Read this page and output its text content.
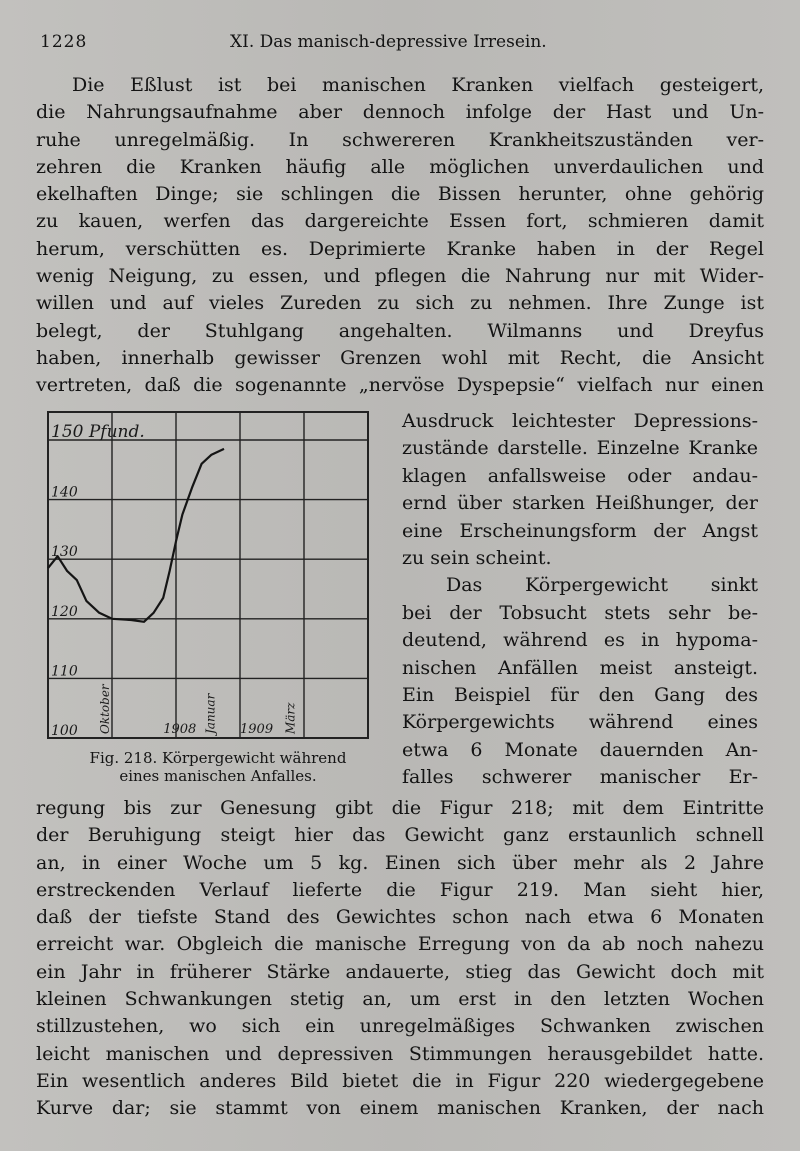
1228	XI. Das manisch-depressive Irresein.
Die Eßlust ist bei manischen Kranken vielfach gesteigert,
die Nahrungsaufnahme aber dennoch infolge der Hast und Un-
ruhe unregelmäßig. In schwereren Krankheitszuständen ver-
zehren die Kranken häufig alle möglichen unverdaulichen und
ekelhaften Dinge; sie schlingen die Bissen herunter, ohne gehörig
zu kauen, werfen das dargereichte Essen fort, schmieren damit
herum, verschütten es. Deprimierte Kranke haben in der Regel
wenig Neigung, zu essen, und pflegen die Nahrung nur mit Wider-
willen und auf vieles Zureden zu sich zu nehmen. Ihre Zunge ist
belegt, der Stuhlgang angehalten. Wilmanns und Dreyfus
haben, innerhalb gewisser Grenzen wohl mit Recht, die Ansicht
vertreten, daß die sogenannte „nervöse Dyspepsie“ vielfach nur einen
150 Pfund.
140
130
120
110
100 Oktober	Januar	März
1908	1909
Fig. 218. Körpergewicht während
eines manischen Anfalles.
Ausdruck leichtester Depressions-
zustände darstelle. Einzelne Kranke
klagen anfallsweise oder andau-
ernd über starken Heißhunger, der
eine Erscheinungsform der Angst
zu sein scheint.
Das Körpergewicht sinkt
bei der Tobsucht stets sehr be-
deutend, während es in hypoma-
nischen Anfällen meist ansteigt.
Ein Beispiel für den Gang des
Körpergewichts während eines
etwa 6 Monate dauernden An-
falles schwerer manischer Er-
regung bis zur Genesung gibt die Figur 218; mit dem Eintritte
der Beruhigung steigt hier das Gewicht ganz erstaunlich schnell
an, in einer Woche um 5 kg. Einen sich über mehr als 2 Jahre
erstreckenden Verlauf lieferte die Figur 219. Man sieht hier,
daß der tiefste Stand des Gewichtes schon nach etwa 6 Monaten
erreicht war. Obgleich die manische Erregung von da ab noch nahezu
ein Jahr in früherer Stärke andauerte, stieg das Gewicht doch mit
kleinen Schwankungen stetig an, um erst in den letzten Wochen
stillzustehen, wo sich ein unregelmäßiges Schwanken zwischen
leicht manischen und depressiven Stimmungen herausgebildet hatte.
Ein wesentlich anderes Bild bietet die in Figur 220 wiedergegebene
Kurve dar; sie stammt von einem manischen Kranken, der nach
